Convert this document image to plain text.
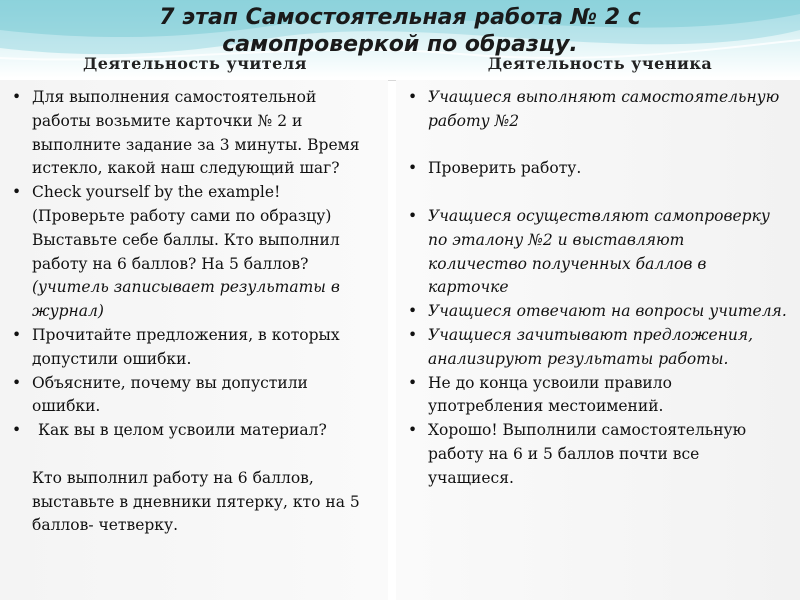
7 этап Самостоятельная работа № 2 с самопроверкой по образцу.
Деятельность учителя	Деятельность ученика
• Для выполнения самостоятельной работы возьмите карточки № 2 и выполните задание за 3 минуты. Время истекло, какой наш следующий шаг?
• Check yourself by the example!(Проверьте работу сами по образцу) Выставьте себе баллы. Кто выполнил работу на 6 баллов? На 5 баллов? (учитель записывает результаты в журнал)
• Прочитайте предложения, в которых допустили ошибки.
• Объясните, почему вы допустили ошибки.
• Как вы в целом усвоили материал?
Кто выполнил работу на 6 баллов, выставьте в дневники пятерку, кто на 5 баллов- четверку.
• Учащиеся выполняют самостоятельную работу №2
• Проверить работу.
• Учащиеся осуществляют самопроверку по эталону №2 и выставляют количество полученных баллов в карточке
• Учащиеся отвечают на вопросы учителя.
• Учащиеся зачитывают предложения, анализируют результаты работы.
• Не до конца усвоили правило употребления местоимений.
• Хорошо! Выполнили самостоятельную работу на 6 и 5 баллов почти все учащиеся.
